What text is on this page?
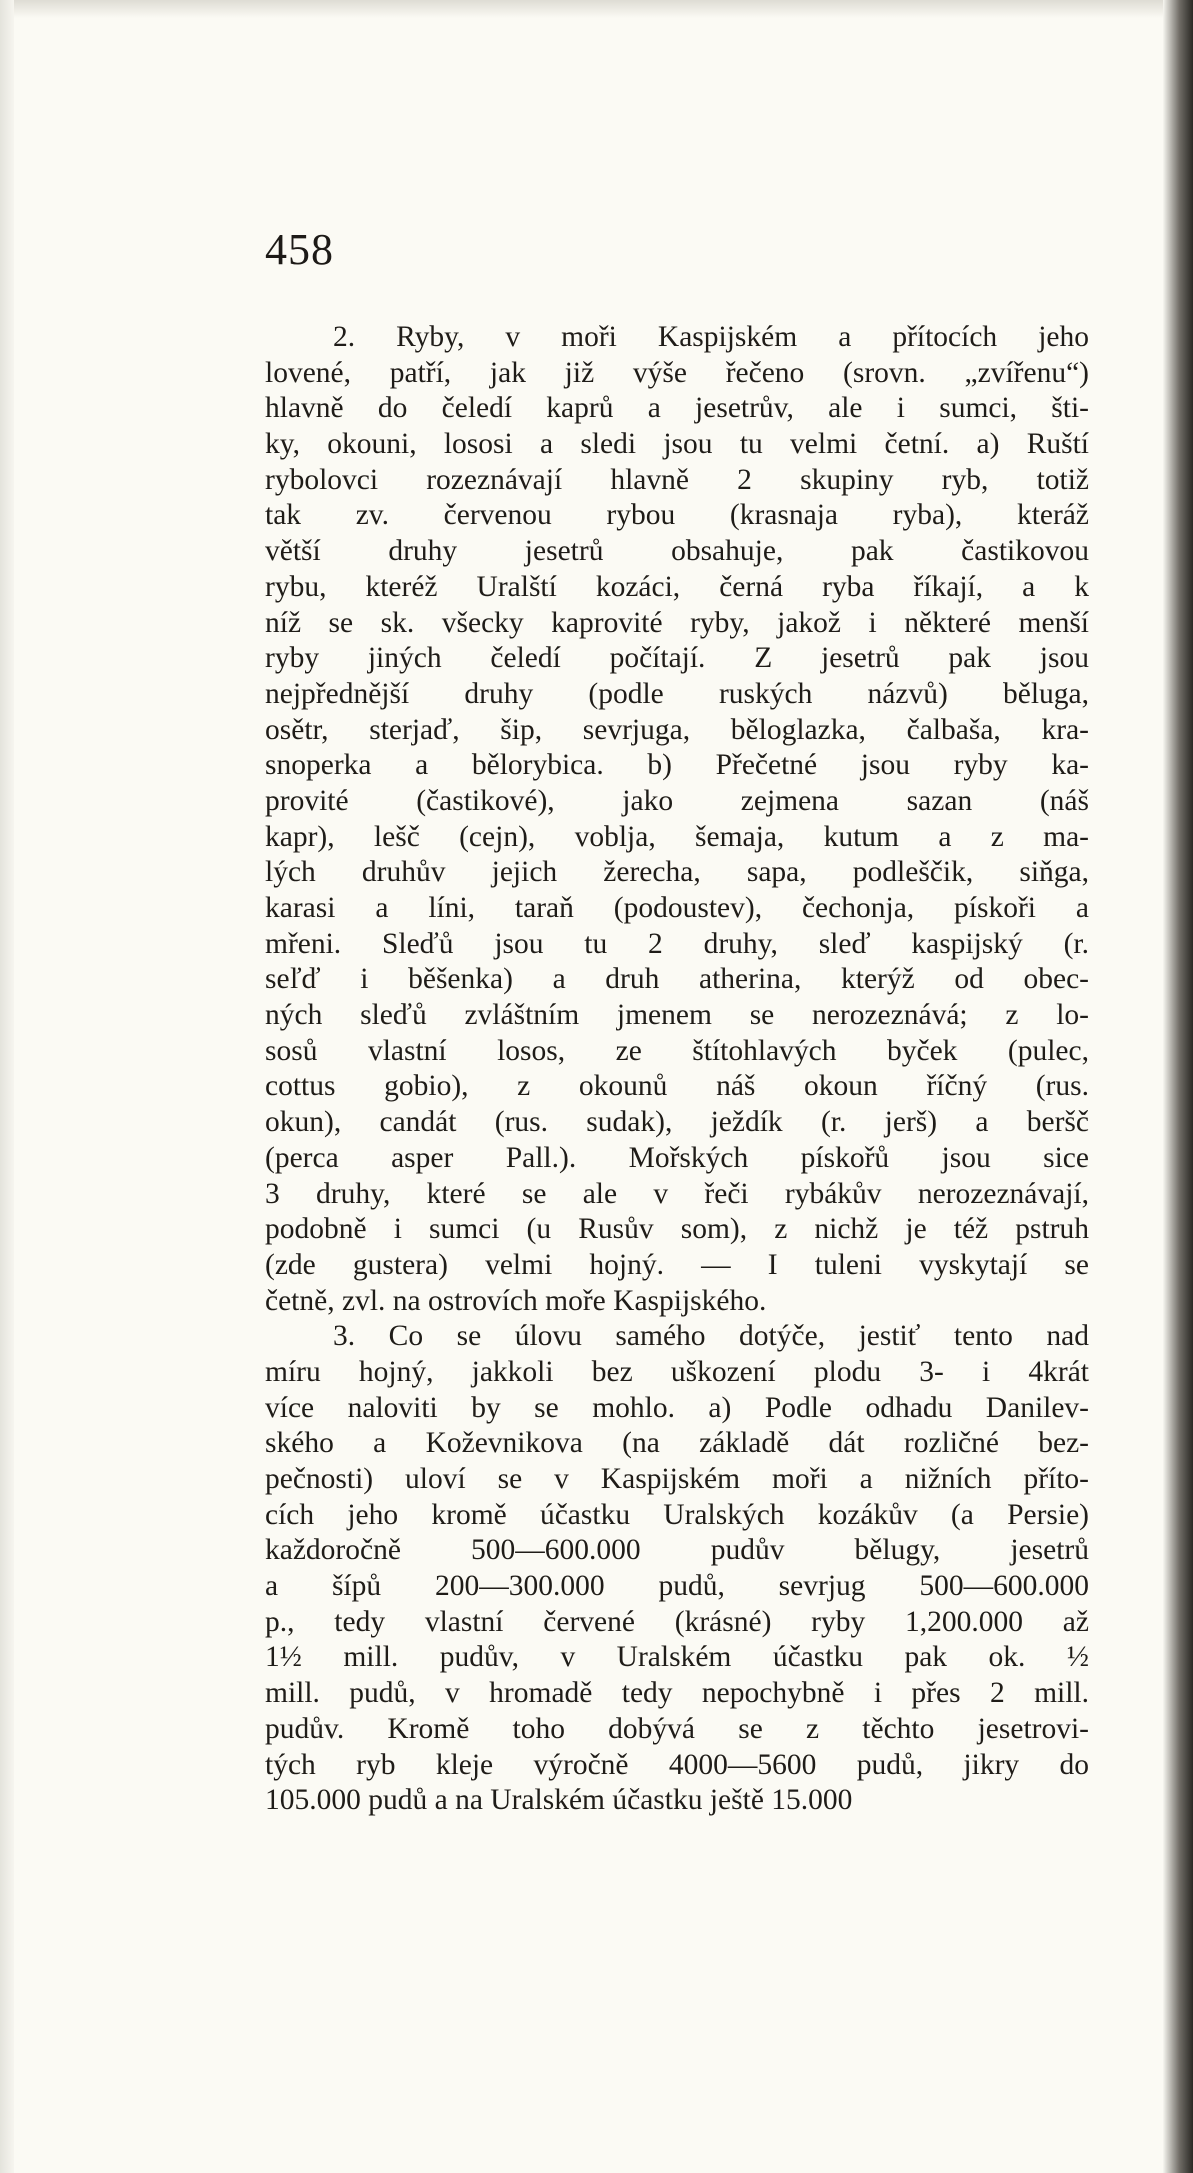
458
2. Ryby, v moři Kaspijském a přítocích jeho
lovené, patří, jak již výše řečeno (srovn. „zvířenu“)
hlavně do čeledí kaprů a jesetrův, ale i sumci, šti-
ky, okouni, lososi a sledi jsou tu velmi četní. a) Ruští
rybolovci rozeznávají hlavně 2 skupiny ryb, totiž
tak zv. červenou rybou (krasnaja ryba), kteráž
větší druhy jesetrů obsahuje, pak častikovou
rybu, kteréž Uralští kozáci, černá ryba říkají, a k
níž se sk. všecky kaprovité ryby, jakož i některé menší
ryby jiných čeledí počítají. Z jesetrů pak jsou
nejpřednější druhy (podle ruských názvů) běluga,
osětr, sterjaď, šip, sevrjuga, běloglazka, čalbaša, kra-
snoperka a bělorybica. b) Přečetné jsou ryby ka-
provité (častikové), jako zejmena sazan (náš
kapr), lešč (cejn), voblja, šemaja, kutum a z ma-
lých druhův jejich žerecha, sapa, podleščik, siňga,
karasi a líni, taraň (podoustev), čechonja, pískoři a
mřeni. Sleďů jsou tu 2 druhy, sleď kaspijský (r.
seľď i běšenka) a druh atherina, kterýž od obec-
ných sleďů zvláštním jmenem se nerozeznává; z lo-
sosů vlastní losos, ze štítohlavých byček (pulec,
cottus gobio), z okounů náš okoun říčný (rus.
okun), candát (rus. sudak), ježdík (r. jerš) a beršč
(perca asper Pall.). Mořských pískořů jsou sice
3 druhy, které se ale v řeči rybákův nerozeznávají,
podobně i sumci (u Rusův som), z nichž je též pstruh
(zde gustera) velmi hojný. — I tuleni vyskytají se
četně, zvl. na ostrovích moře Kaspijského.
3. Co se úlovu samého dotýče, jestiť tento nad
míru hojný, jakkoli bez uškození plodu 3- i 4krát
více naloviti by se mohlo. a) Podle odhadu Danilev-
ského a Koževnikova (na základě dát rozličné bez-
pečnosti) uloví se v Kaspijském moři a nižních příto-
cích jeho kromě účastku Uralských kozákův (a Persie)
každoročně 500—600.000 pudův bělugy, jesetrů
a šípů 200—300.000 pudů, sevrjug 500—600.000
p., tedy vlastní červené (krásné) ryby 1,200.000 až
1½ mill. pudův, v Uralském účastku pak ok. ½
mill. pudů, v hromadě tedy nepochybně i přes 2 mill.
pudův. Kromě toho dobývá se z těchto jesetrovi-
tých ryb kleje výročně 4000—5600 pudů, jikry do
105.000 pudů a na Uralském účastku ještě 15.000
